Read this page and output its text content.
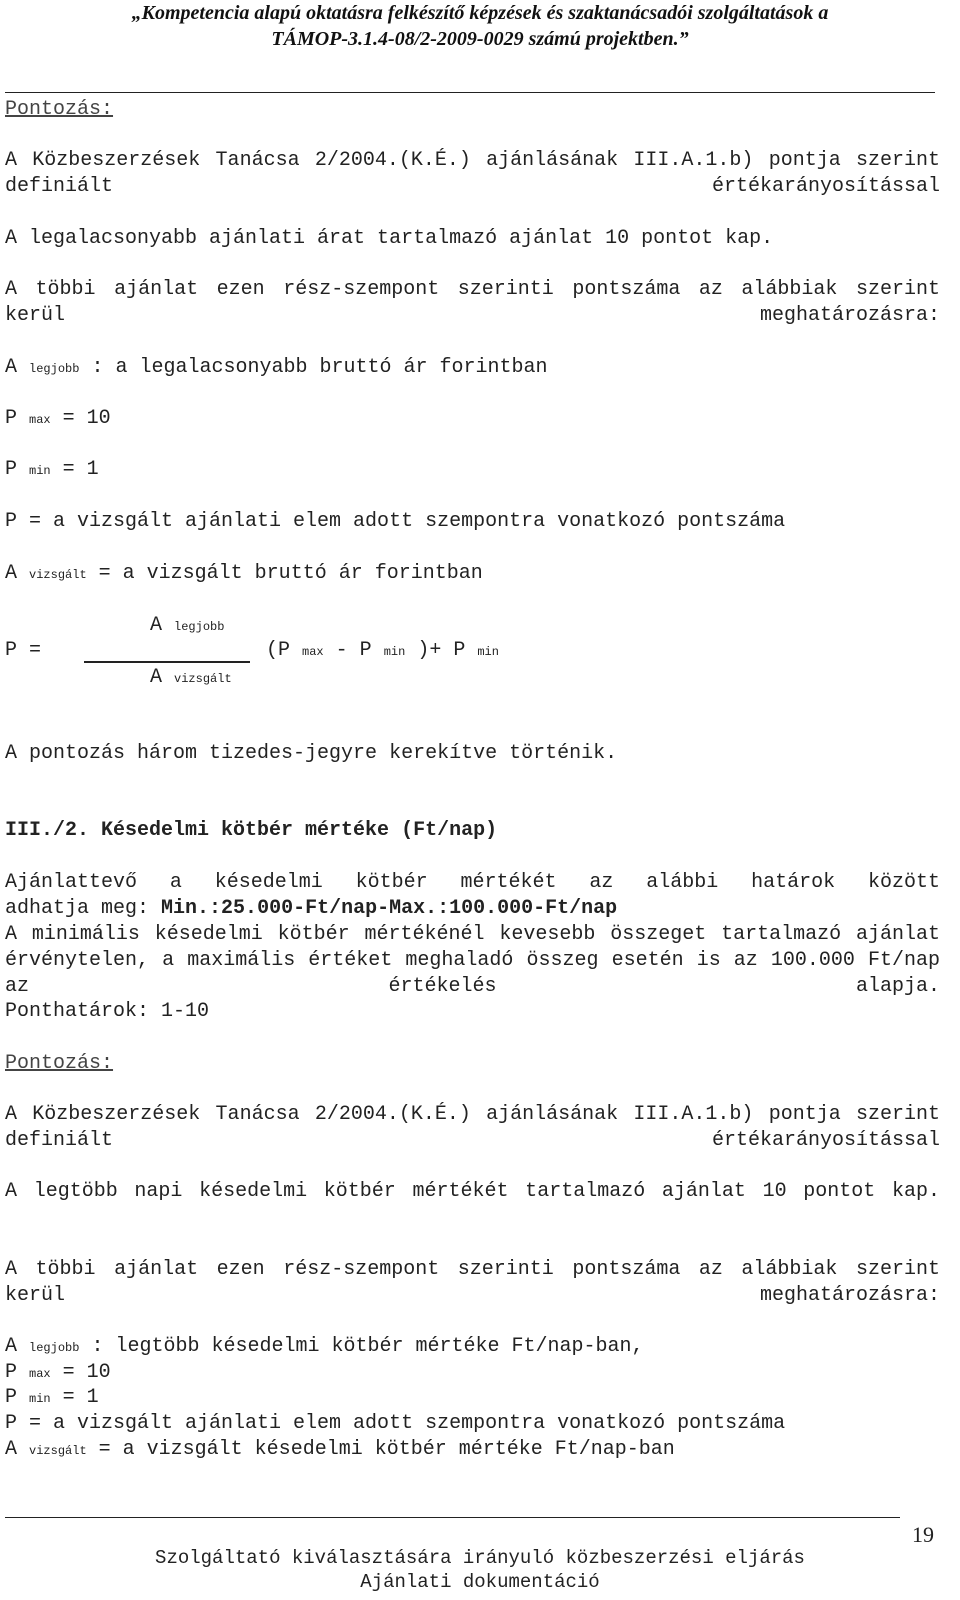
„Kompetencia alapú oktatásra felkészítő képzések és szaktanácsadói szolgáltatások a
TÁMOP-3.1.4-08/2-2009-0029 számú projektben.”
Pontozás:
A Közbeszerzések Tanácsa 2/2004.(K.É.) ajánlásának III.A.1.b) pontja szerint definiált értékarányosítással
A legalacsonyabb ajánlati árat tartalmazó ajánlat 10 pontot kap.
A többi ajánlat ezen rész-szempont szerinti pontszáma az alábbiak szerint kerül meghatározásra:
A legjobb : a legalacsonyabb bruttó ár forintban
P max = 10
P min = 1
P = a vizsgált ajánlati elem adott szempontra vonatkozó pontszáma
A vizsgált = a vizsgált bruttó ár forintban
P =
A legjobb
A vizsgált
(P max - P min )+ P min
A pontozás három tizedes-jegyre kerekítve történik.
III./2. Késedelmi kötbér mértéke (Ft/nap)
Ajánlattevő a késedelmi kötbér mértékét az alábbi határok között
adhatja meg: Min.:25.000-Ft/nap-Max.:100.000-Ft/nap
A minimális késedelmi kötbér mértékénél kevesebb összeget tartalmazó ajánlat érvénytelen, a maximális értéket meghaladó összeg esetén is az 100.000 Ft/nap az értékelés alapja.
Ponthatárok: 1-10
Pontozás:
A Közbeszerzések Tanácsa 2/2004.(K.É.) ajánlásának III.A.1.b) pontja szerint definiált értékarányosítással
A legtöbb napi késedelmi kötbér mértékét tartalmazó ajánlat 10 pontot kap.
A többi ajánlat ezen rész-szempont szerinti pontszáma az alábbiak szerint kerül meghatározásra:
A legjobb : legtöbb késedelmi kötbér mértéke Ft/nap-ban,
P max = 10
P min = 1
P = a vizsgált ajánlati elem adott szempontra vonatkozó pontszáma
A vizsgált = a vizsgált késedelmi kötbér mértéke Ft/nap-ban
19
Szolgáltató kiválasztására irányuló közbeszerzési eljárás
Ajánlati dokumentáció
